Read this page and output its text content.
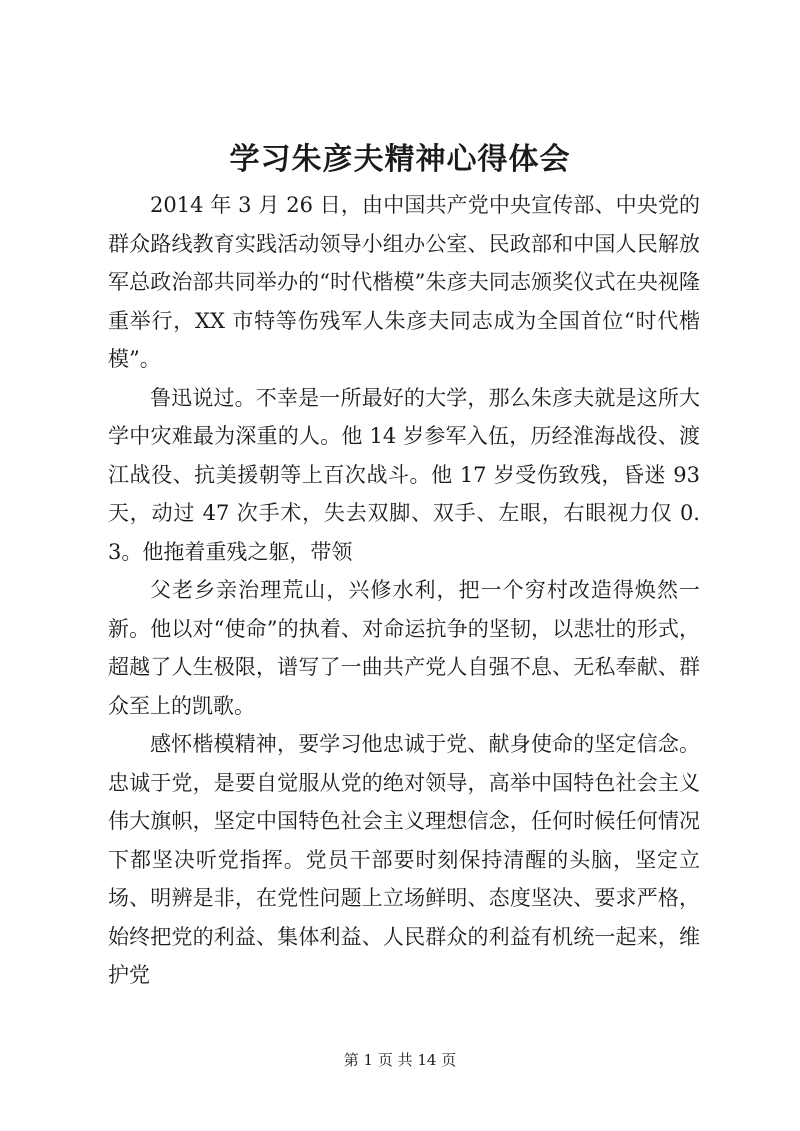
学习朱彦夫精神心得体会

2014 年 3 月 26 日，由中国共产党中央宣传部、中央党的群众路线教育实践活动领导小组办公室、民政部和中国人民解放军总政治部共同举办的“时代楷模”朱彦夫同志颁奖仪式在央视隆重举行，XX 市特等伤残军人朱彦夫同志成为全国首位“时代楷模”。

鲁迅说过。不幸是一所最好的大学，那么朱彦夫就是这所大学中灾难最为深重的人。他 14 岁参军入伍，历经淮海战役、渡江战役、抗美援朝等上百次战斗。他 17 岁受伤致残，昏迷 93 天，动过 47 次手术，失去双脚、双手、左眼，右眼视力仅 0.3。他拖着重残之躯，带领

父老乡亲治理荒山，兴修水利，把一个穷村改造得焕然一新。他以对“使命”的执着、对命运抗争的坚韧，以悲壮的形式，超越了人生极限，谱写了一曲共产党人自强不息、无私奉献、群众至上的凯歌。

感怀楷模精神，要学习他忠诚于党、献身使命的坚定信念。忠诚于党，是要自觉服从党的绝对领导，高举中国特色社会主义伟大旗帜，坚定中国特色社会主义理想信念，任何时候任何情况下都坚决听党指挥。党员干部要时刻保持清醒的头脑，坚定立场、明辨是非，在党性问题上立场鲜明、态度坚决、要求严格，始终把党的利益、集体利益、人民群众的利益有机统一起来，维护党

第 1 页 共 14 页
